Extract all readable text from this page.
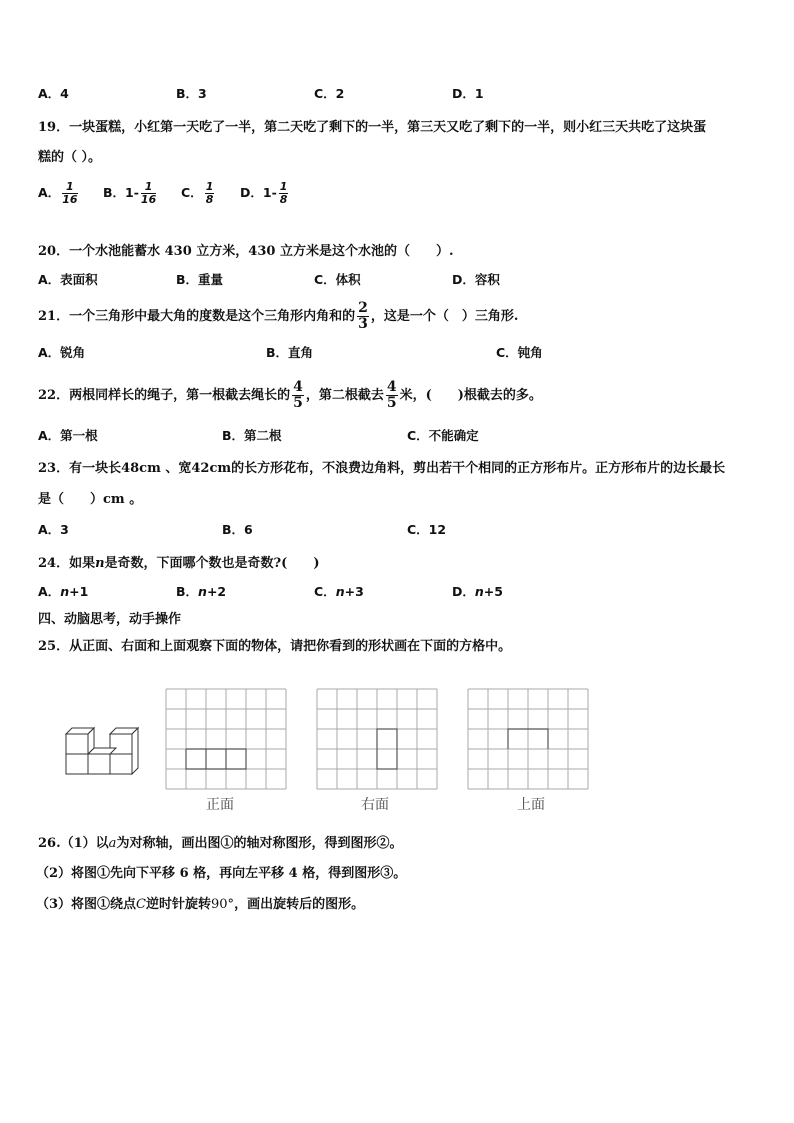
A．4	B．3	C．2	D．1
19．一块蛋糕，小红第一天吃了一半，第二天吃了剩下的一半，第三天又吃了剩下的一半，则小红三天共吃了这块蛋
糕的（ ）。
A． $\frac{1}{16}$ B．$1- \frac{1}{16}$ C． $\frac{1}{8}$ D．$1- \frac{1}{8}$
20．一个水池能蓄水 430 立方米，430 立方米是这个水池的（　　）.
A．表面积	B．重量	C．体积	D．容积
21．一个三角形中最大角的度数是这个三角形内角和的 $\frac{2}{3}$ ，这是一个（　）三角形.
A．锐角	B．直角	C．钝角
22．两根同样长的绳子，第一根截去绳长的 $\frac{4}{5}$ ，第二根截去 $\frac{4}{5}$ 米，(　　)根截去的多。
A．第一根	B．第二根	C．不能确定
23．有一块长48cm 、宽42cm的长方形花布，不浪费边角料，剪出若干个相同的正方形布片。正方形布片的边长最长
是（　　）cm 。
A．3	B．6	C．12
24．如果n是奇数，下面哪个数也是奇数?(　　)
A．n+1	B．n+2	C．n+3	D．n+5
四、动脑思考，动手操作
25．从正面、右面和上面观察下面的物体，请把你看到的形状画在下面的方格中。
正面	右面	上面
26.（1）以a为对称轴，画出图①的轴对称图形，得到图形②。
（2）将图①先向下平移 6 格，再向左平移 4 格，得到图形③。
（3）将图①绕点C逆时针旋转90°，画出旋转后的图形。
